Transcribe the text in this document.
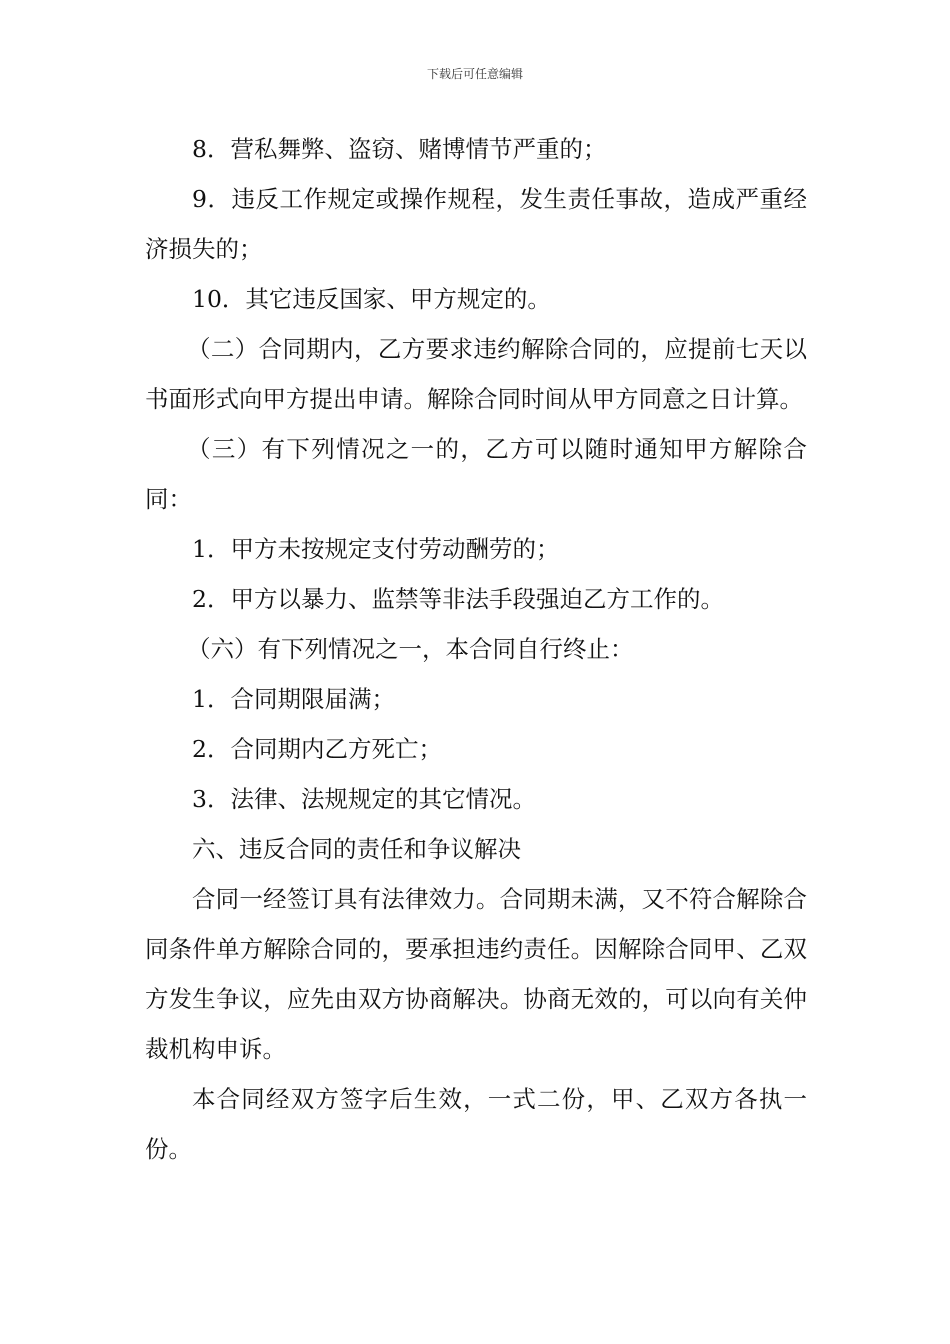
下载后可任意编辑

8．营私舞弊、盗窃、赌博情节严重的；

9．违反工作规定或操作规程，发生责任事故，造成严重经济损失的；

10．其它违反国家、甲方规定的。

（二）合同期内，乙方要求违约解除合同的，应提前七天以书面形式向甲方提出申请。解除合同时间从甲方同意之日计算。

（三）有下列情况之一的，乙方可以随时通知甲方解除合同：

1．甲方未按规定支付劳动酬劳的；

2．甲方以暴力、监禁等非法手段强迫乙方工作的。

（六）有下列情况之一，本合同自行终止：

1．合同期限届满；

2．合同期内乙方死亡；

3．法律、法规规定的其它情况。

六、违反合同的责任和争议解决

合同一经签订具有法律效力。合同期未满，又不符合解除合同条件单方解除合同的，要承担违约责任。因解除合同甲、乙双方发生争议，应先由双方协商解决。协商无效的，可以向有关仲裁机构申诉。

本合同经双方签字后生效，一式二份，甲、乙双方各执一份。
